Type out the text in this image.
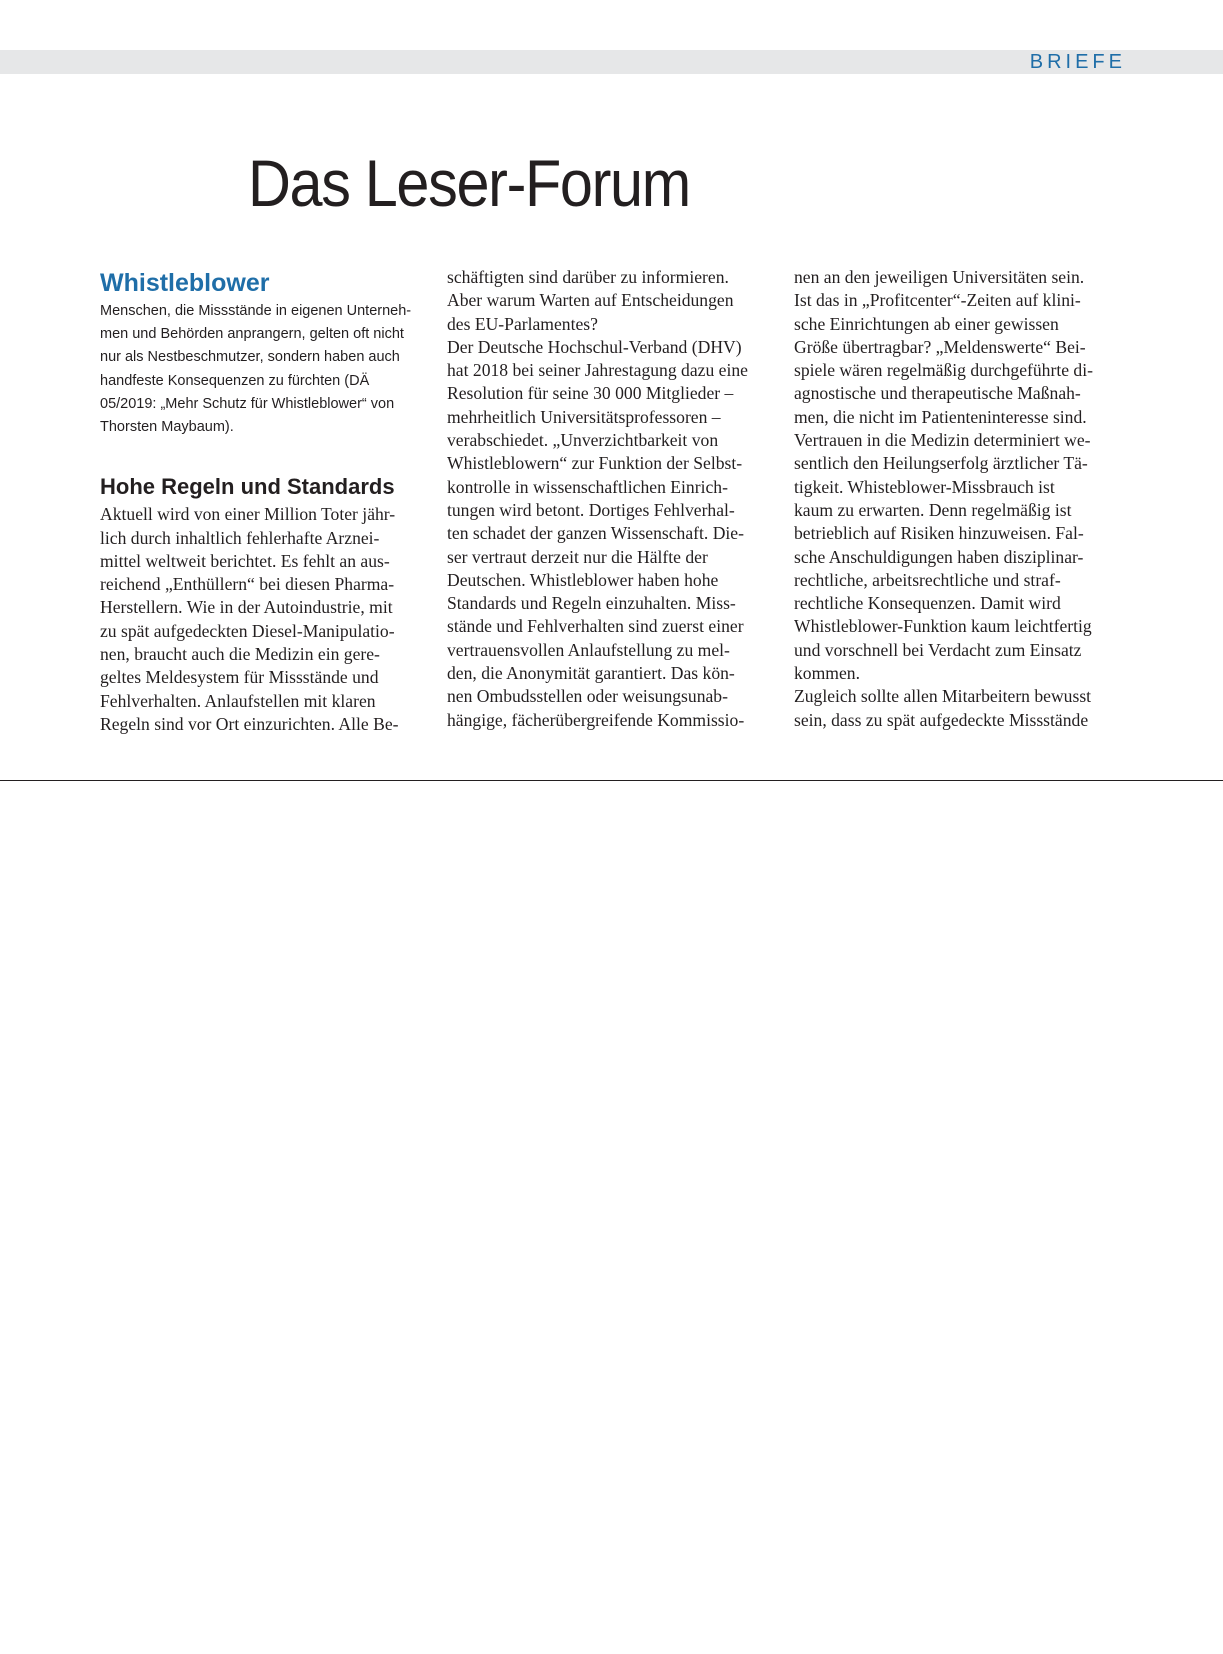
BRIEFE
Das Leser-Forum
Whistleblower

Menschen, die Missstände in eigenen Unterneh-
men und Behörden anprangern, gelten oft nicht
nur als Nestbeschmutzer, sondern haben auch
handfeste Konsequenzen zu fürchten (DÄ
05/2019: „Mehr Schutz für Whistleblower“ von
Thorsten Maybaum).

Hohe Regeln und Standards

Aktuell wird von einer Million Toter jähr-
lich durch inhaltlich fehlerhafte Arznei-
mittel weltweit berichtet. Es fehlt an aus-
reichend „Enthüllern“ bei diesen Pharma-
Herstellern. Wie in der Autoindustrie, mit
zu spät aufgedeckten Diesel-Manipulatio-
nen, braucht auch die Medizin ein gere-
geltes Meldesystem für Missstände und
Fehlverhalten. Anlaufstellen mit klaren
Regeln sind vor Ort einzurichten. Alle Be-

schäftigten sind darüber zu informieren.
Aber warum Warten auf Entscheidungen
des EU-Parlamentes?
Der Deutsche Hochschul-Verband (DHV)
hat 2018 bei seiner Jahrestagung dazu eine
Resolution für seine 30 000 Mitglieder –
mehrheitlich Universitätsprofessoren –
verabschiedet. „Unverzichtbarkeit von
Whistleblowern“ zur Funktion der Selbst-
kontrolle in wissenschaftlichen Einrich-
tungen wird betont. Dortiges Fehlverhal-
ten schadet der ganzen Wissenschaft. Die-
ser vertraut derzeit nur die Hälfte der
Deutschen. Whistleblower haben hohe
Standards und Regeln einzuhalten. Miss-
stände und Fehlverhalten sind zuerst einer
vertrauensvollen Anlaufstellung zu mel-
den, die Anonymität garantiert. Das kön-
nen Ombudsstellen oder weisungsunab-
hängige, fächerübergreifende Kommissio-

nen an den jeweiligen Universitäten sein.
Ist das in „Profitcenter“-Zeiten auf klini-
sche Einrichtungen ab einer gewissen
Größe übertragbar? „Meldenswerte“ Bei-
spiele wären regelmäßig durchgeführte di-
agnostische und therapeutische Maßnah-
men, die nicht im Patienteninteresse sind.
Vertrauen in die Medizin determiniert we-
sentlich den Heilungserfolg ärztlicher Tä-
tigkeit. Whisteblower-Missbrauch ist
kaum zu erwarten. Denn regelmäßig ist
betrieblich auf Risiken hinzuweisen. Fal-
sche Anschuldigungen haben disziplinar-
rechtliche, arbeitsrechtliche und straf-
rechtliche Konsequenzen. Damit wird
Whistleblower-Funktion kaum leichtfertig
und vorschnell bei Verdacht zum Einsatz
kommen.
Zugleich sollte allen Mitarbeitern bewusst
sein, dass zu spät aufgedeckte Missstände
